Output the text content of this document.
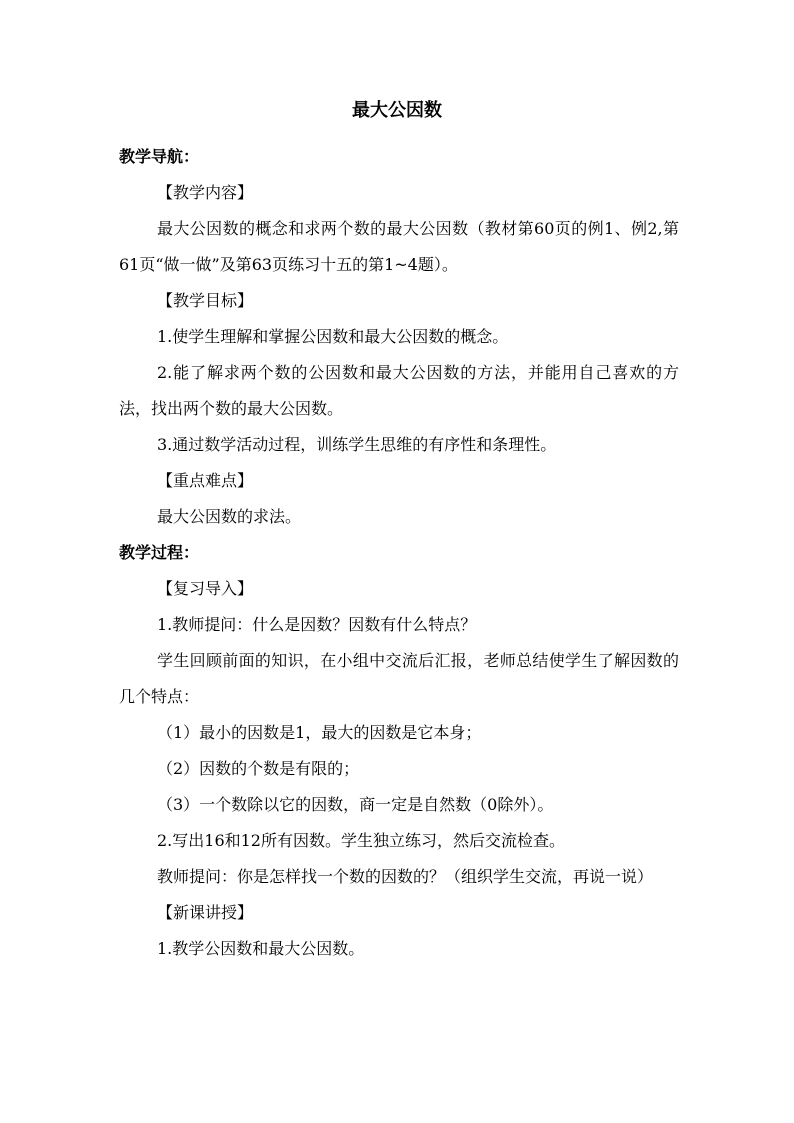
最大公因数

教学导航：

【教学内容】

最大公因数的概念和求两个数的最大公因数（教材第60页的例1、例2,第61页“做一做”及第63页练习十五的第1~4题）。

【教学目标】

1.使学生理解和掌握公因数和最大公因数的概念。

2.能了解求两个数的公因数和最大公因数的方法，并能用自己喜欢的方法，找出两个数的最大公因数。

3.通过数学活动过程，训练学生思维的有序性和条理性。

【重点难点】

最大公因数的求法。

教学过程：

【复习导入】

1.教师提问：什么是因数？因数有什么特点？

学生回顾前面的知识，在小组中交流后汇报，老师总结使学生了解因数的几个特点：

（1）最小的因数是1，最大的因数是它本身；

（2）因数的个数是有限的；

（3）一个数除以它的因数，商一定是自然数（0除外）。

2.写出16和12所有因数。学生独立练习，然后交流检查。

教师提问：你是怎样找一个数的因数的？（组织学生交流，再说一说）

【新课讲授】

1.教学公因数和最大公因数。
